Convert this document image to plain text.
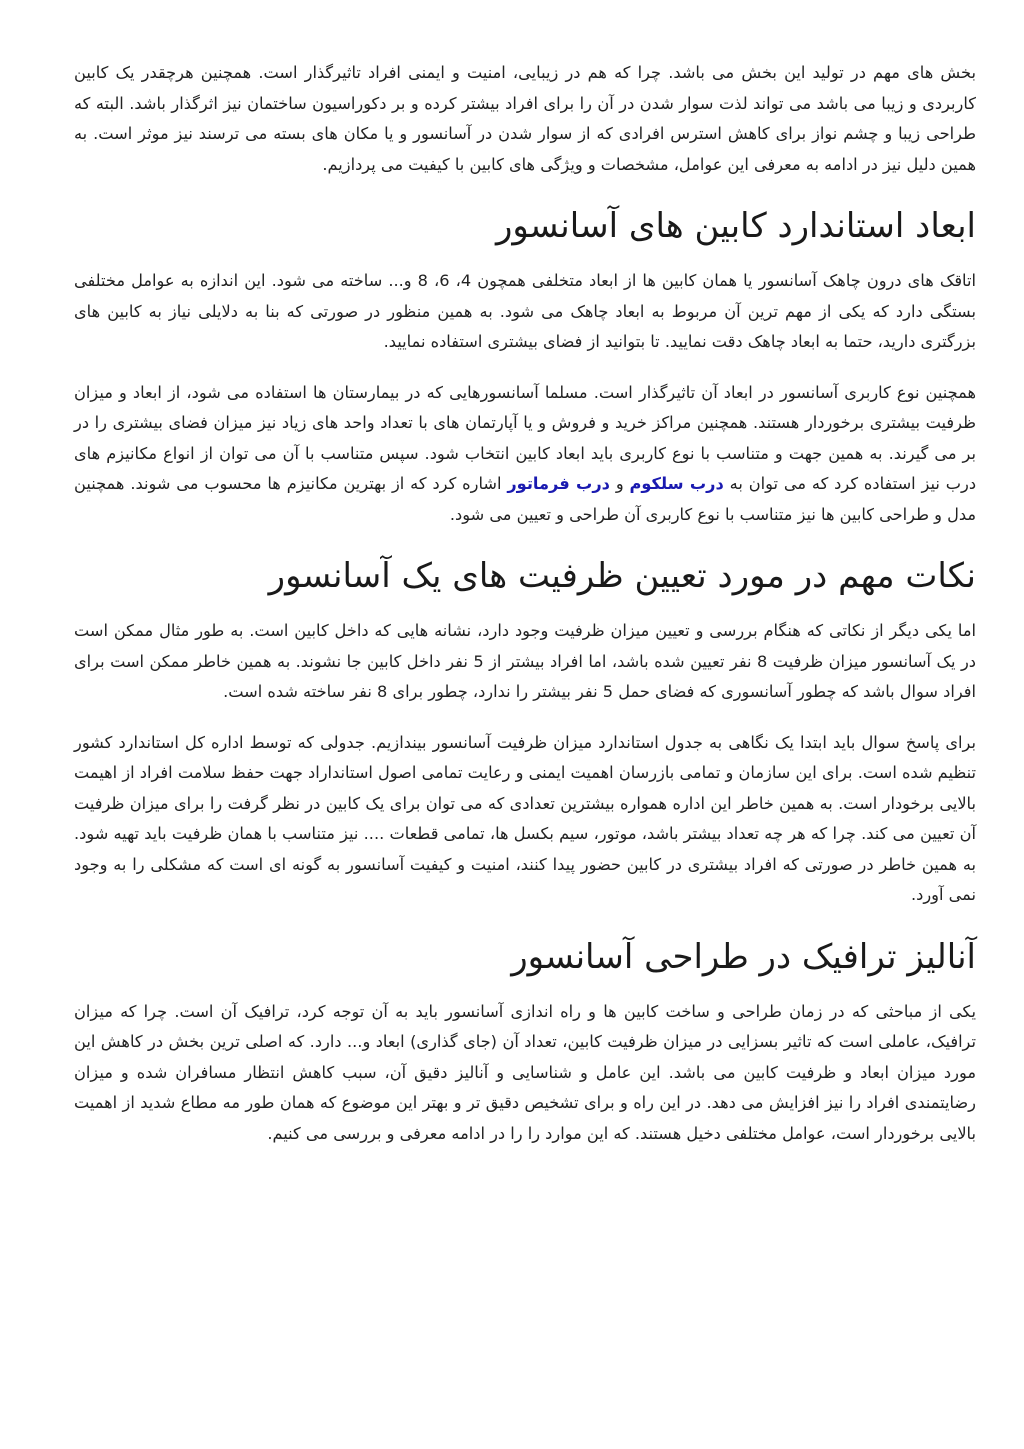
بخش های مهم در تولید این بخش می باشد. چرا که هم در زیبایی، امنیت و ایمنی افراد تاثیرگذار است. همچنین هرچقدر یک کابین کاربردی و زیبا می باشد می تواند لذت سوار شدن در آن را برای افراد بیشتر کرده و بر دکوراسیون ساختمان نیز اثرگذار باشد. البته که طراحی زیبا و چشم نواز برای کاهش استرس افرادی که از سوار شدن در آسانسور و یا مکان های بسته می ترسند نیز موثر است. به همین دلیل نیز در ادامه به معرفی این عوامل، مشخصات و ویژگی های کابین با کیفیت می پردازیم.

ابعاد استاندارد کابین های آسانسور

اتاقک های درون چاهک آسانسور یا همان کابین ها از ابعاد متخلفی همچون 4، 6، 8 و... ساخته می شود. این اندازه به عوامل مختلفی بستگی دارد که یکی از مهم ترین آن مربوط به ابعاد چاهک می شود. به همین منظور در صورتی که بنا به دلایلی نیاز به کابین های بزرگتری دارید، حتما به ابعاد چاهک دقت نمایید. تا بتوانید از فضای بیشتری استفاده نمایید.

همچنین نوع کاربری آسانسور در ابعاد آن تاثیرگذار است. مسلما آسانسورهایی که در بیمارستان ها استفاده می شود، از ابعاد و میزان ظرفیت بیشتری برخوردار هستند. همچنین مراکز خرید و فروش و یا آپارتمان های با تعداد واحد های زیاد نیز میزان فضای بیشتری را در بر می گیرند. به همین جهت و متناسب با نوع کاربری باید ابعاد کابین انتخاب شود. سپس متناسب با آن می توان از انواع مکانیزم های درب نیز استفاده کرد که می توان به درب سلکوم و درب فرماتور اشاره کرد که از بهترین مکانیزم ها محسوب می شوند. همچنین مدل و طراحی کابین ها نیز متناسب با نوع کاربری آن طراحی و تعیین می شود.

نکات مهم در مورد تعیین ظرفیت های یک آسانسور

اما یکی دیگر از نکاتی که هنگام بررسی و تعیین میزان ظرفیت وجود دارد، نشانه هایی که داخل کابین است. به طور مثال ممکن است در یک آسانسور میزان ظرفیت 8 نفر تعیین شده باشد، اما افراد بیشتر از 5 نفر داخل کابین جا نشوند. به همین خاطر ممکن است برای افراد سوال باشد که چطور آسانسوری که فضای حمل 5 نفر بیشتر را ندارد، چطور برای 8 نفر ساخته شده است.

برای پاسخ سوال باید ابتدا یک نگاهی به جدول استاندارد میزان ظرفیت آسانسور بیندازیم. جدولی که توسط اداره کل استاندارد کشور تنظیم شده است. برای این سازمان و تمامی بازرسان اهمیت ایمنی و رعایت تمامی اصول استانداراد جهت حفظ سلامت افراد از اهیمت بالایی برخودار است. به همین خاطر این اداره همواره بیشترین تعدادی که می توان برای یک کابین در نظر گرفت را برای میزان ظرفیت آن تعیین می کند. چرا که هر چه تعداد بیشتر باشد، موتور، سیم بکسل ها، تمامی قطعات .... نیز متناسب با همان ظرفیت باید تهیه شود. به همین خاطر در صورتی که افراد بیشتری در کابین حضور پیدا کنند، امنیت و کیفیت آسانسور به گونه ای است که مشکلی را به وجود نمی آورد.

آنالیز ترافیک در طراحی آسانسور

یکی از مباحثی که در زمان طراحی و ساخت کابین ها و راه اندازی آسانسور باید به آن توجه کرد، ترافیک آن است. چرا که میزان ترافیک، عاملی است که تاثیر بسزایی در میزان ظرفیت کابین، تعداد آن (جای گذاری) ابعاد و... دارد. که اصلی ترین بخش در کاهش این مورد میزان ابعاد و ظرفیت کابین می باشد. این عامل و شناسایی و آنالیز دقیق آن، سبب کاهش انتظار مسافران شده و میزان رضایتمندی افراد را نیز افزایش می دهد. در این راه و برای تشخیص دقیق تر و بهتر این موضوع که همان طور مه مطاع شدید از اهمیت بالایی برخوردار است، عوامل مختلفی دخیل هستند. که این موارد را را در ادامه معرفی و بررسی می کنیم.
